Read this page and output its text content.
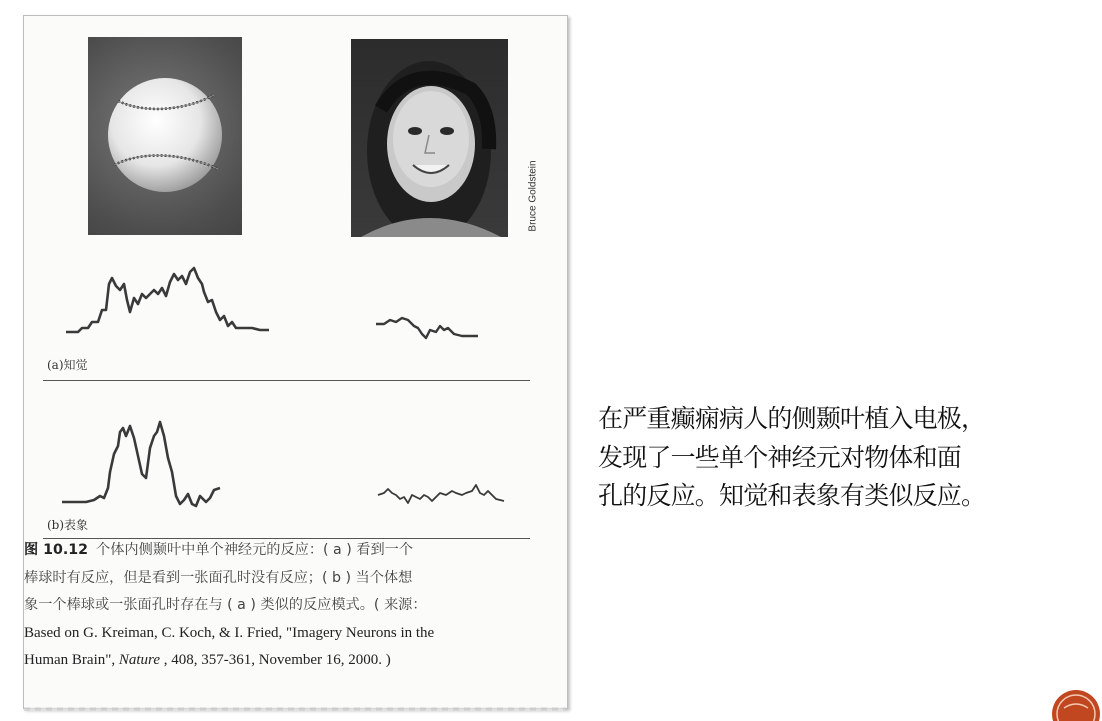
Bruce Goldstein
(a)知觉
(b)表象

图 10.12 个体内侧颞叶中单个神经元的反应：( a ) 看到一个

棒球时有反应，但是看到一张面孔时没有反应；( b ) 当个体想

象一个棒球或一张面孔时存在与 ( a ) 类似的反应模式。( 来源：

Based on G. Kreiman, C. Koch, & I. Fried, "Imagery Neurons in the

Human Brain", Nature , 408, 357-361, November 16, 2000. )

在严重癫痫病人的侧颞叶植入电极，

发现了一些单个神经元对物体和面

孔的反应。知觉和表象有类似反应。
